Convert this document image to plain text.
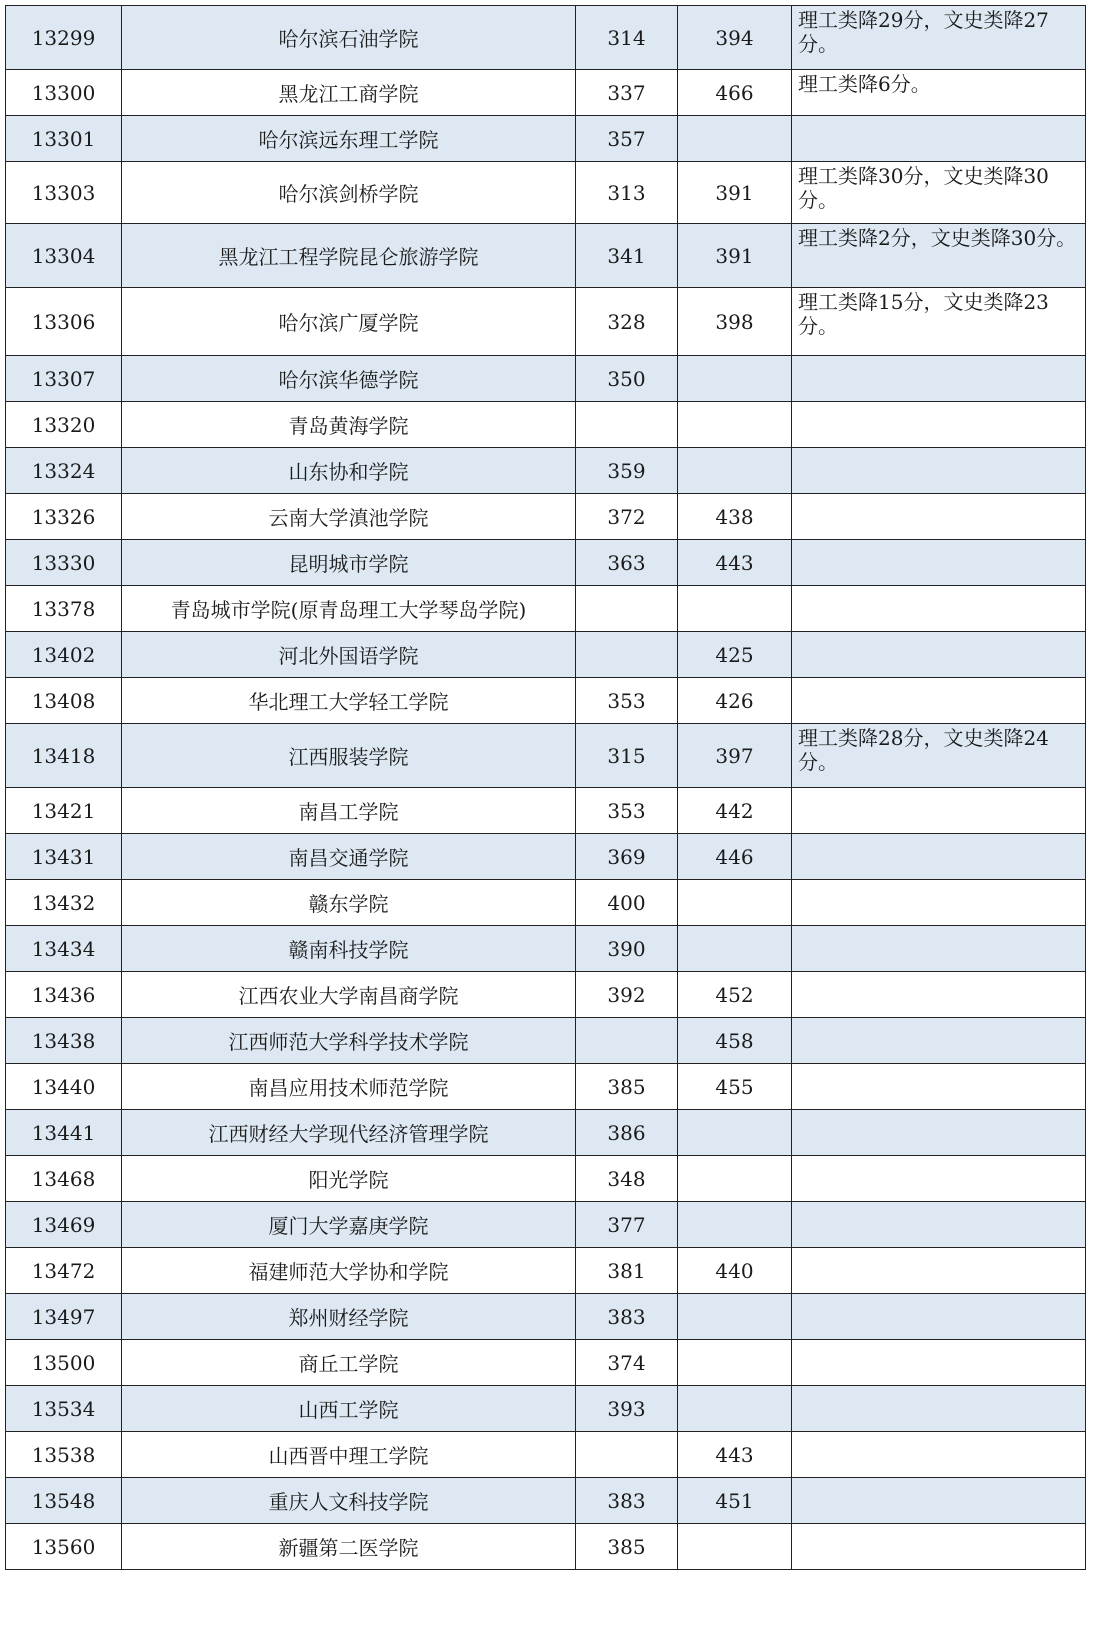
13299	哈尔滨石油学院	314	394	理工类降29分，文史类降27分。
13300	黑龙江工商学院	337	466	理工类降6分。
13301	哈尔滨远东理工学院	357		
13303	哈尔滨剑桥学院	313	391	理工类降30分，文史类降30分。
13304	黑龙江工程学院昆仑旅游学院	341	391	理工类降2分，文史类降30分。
13306	哈尔滨广厦学院	328	398	理工类降15分，文史类降23分。
13307	哈尔滨华德学院	350		
13320	青岛黄海学院			
13324	山东协和学院	359		
13326	云南大学滇池学院	372	438	
13330	昆明城市学院	363	443	
13378	青岛城市学院(原青岛理工大学琴岛学院)			
13402	河北外国语学院		425	
13408	华北理工大学轻工学院	353	426	
13418	江西服装学院	315	397	理工类降28分，文史类降24分。
13421	南昌工学院	353	442	
13431	南昌交通学院	369	446	
13432	赣东学院	400		
13434	赣南科技学院	390		
13436	江西农业大学南昌商学院	392	452	
13438	江西师范大学科学技术学院		458	
13440	南昌应用技术师范学院	385	455	
13441	江西财经大学现代经济管理学院	386		
13468	阳光学院	348		
13469	厦门大学嘉庚学院	377		
13472	福建师范大学协和学院	381	440	
13497	郑州财经学院	383		
13500	商丘工学院	374		
13534	山西工学院	393		
13538	山西晋中理工学院		443	
13548	重庆人文科技学院	383	451	
13560	新疆第二医学院	385		
